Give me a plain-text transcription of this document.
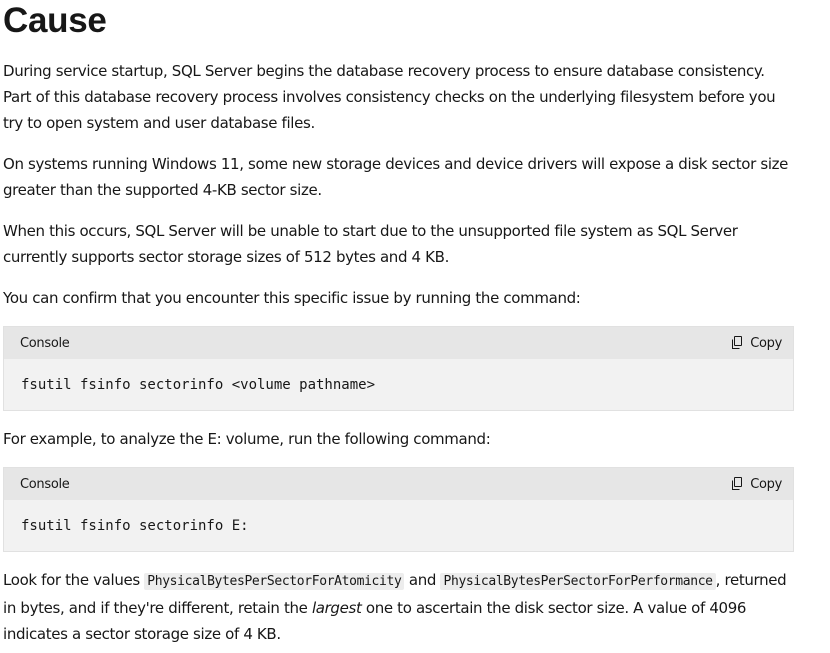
Cause

During service startup, SQL Server begins the database recovery process to ensure database consistency. Part of this database recovery process involves consistency checks on the underlying filesystem before you try to open system and user database files.

On systems running Windows 11, some new storage devices and device drivers will expose a disk sector size greater than the supported 4-KB sector size.

When this occurs, SQL Server will be unable to start due to the unsupported file system as SQL Server currently supports sector storage sizes of 512 bytes and 4 KB.

You can confirm that you encounter this specific issue by running the command:

Console	Copy
fsutil fsinfo sectorinfo <volume pathname>

For example, to analyze the E: volume, run the following command:

Console	Copy
fsutil fsinfo sectorinfo E:

Look for the values PhysicalBytesPerSectorForAtomicity and PhysicalBytesPerSectorForPerformance , returned in bytes, and if they're different, retain the largest one to ascertain the disk sector size. A value of 4096 indicates a sector storage size of 4 KB.
